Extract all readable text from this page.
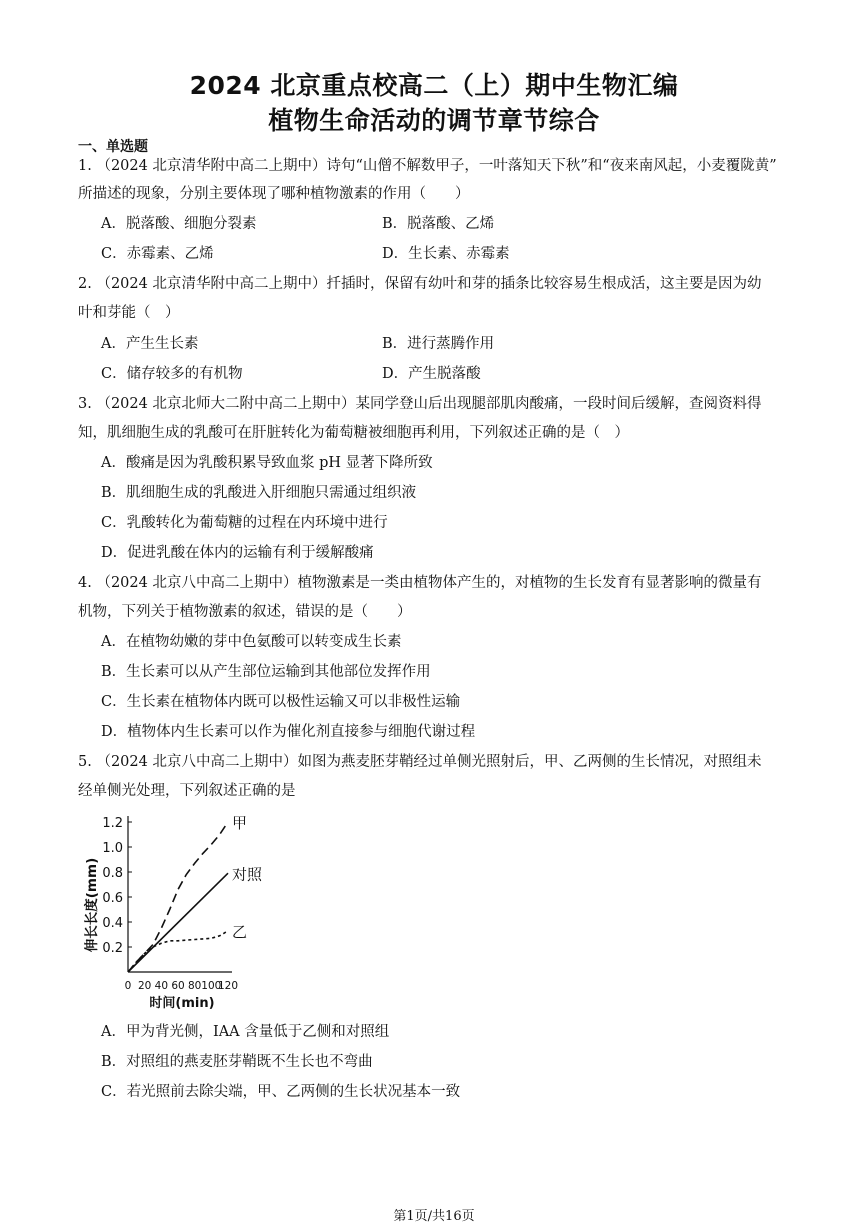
2024 北京重点校高二（上）期中生物汇编
植物生命活动的调节章节综合
一、单选题
1. （2024 北京清华附中高二上期中）诗句“山僧不解数甲子，一叶落知天下秋”和“夜来南风起，小麦覆陇黄”
所描述的现象，分别主要体现了哪种植物激素的作用（　　）
A．脱落酸、细胞分裂素	B．脱落酸、乙烯
C．赤霉素、乙烯	D．生长素、赤霉素
2. （2024 北京清华附中高二上期中）扦插时，保留有幼叶和芽的插条比较容易生根成活，这主要是因为幼
叶和芽能（　）
A．产生生长素	B．进行蒸腾作用
C．储存较多的有机物	D．产生脱落酸
3. （2024 北京北师大二附中高二上期中）某同学登山后出现腿部肌肉酸痛，一段时间后缓解，查阅资料得
知，肌细胞生成的乳酸可在肝脏转化为葡萄糖被细胞再利用，下列叙述正确的是（　）
A．酸痛是因为乳酸积累导致血浆 pH 显著下降所致
B．肌细胞生成的乳酸进入肝细胞只需通过组织液
C．乳酸转化为葡萄糖的过程在内环境中进行
D．促进乳酸在体内的运输有利于缓解酸痛
4. （2024 北京八中高二上期中）植物激素是一类由植物体产生的，对植物的生长发育有显著影响的微量有
机物，下列关于植物激素的叙述，错误的是（　　）
A．在植物幼嫩的芽中色氨酸可以转变成生长素
B．生长素可以从产生部位运输到其他部位发挥作用
C．生长素在植物体内既可以极性运输又可以非极性运输
D．植物体内生长素可以作为催化剂直接参与细胞代谢过程
5. （2024 北京八中高二上期中）如图为燕麦胚芽鞘经过单侧光照射后，甲、乙两侧的生长情况，对照组未
经单侧光处理，下列叙述正确的是
0.2
0.4
0.6
0.8
1.0
1.2
0 20 40 60 80 100
120
时间(min)
伸长长度(mm)
甲
对照
乙
A．甲为背光侧，IAA 含量低于乙侧和对照组
B．对照组的燕麦胚芽鞘既不生长也不弯曲
C．若光照前去除尖端，甲、乙两侧的生长状况基本一致
第1页/共16页
